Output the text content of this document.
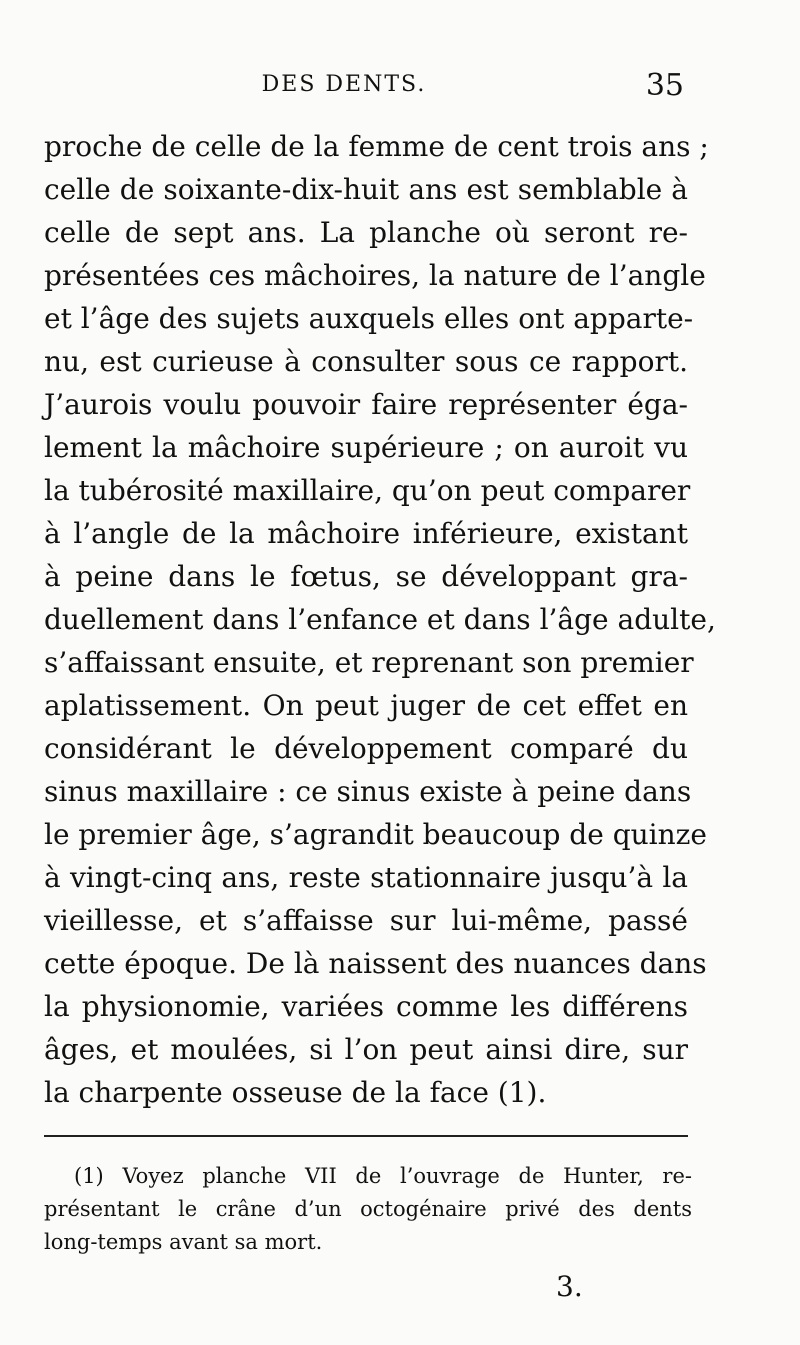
DES DENTS.	35
proche de celle de la femme de cent trois ans ;
celle de soixante-dix-huit ans est semblable à
celle de sept ans. La planche où seront re-
présentées ces mâchoires, la nature de l’angle
et l’âge des sujets auxquels elles ont apparte-
nu, est curieuse à consulter sous ce rapport.
J’aurois voulu pouvoir faire représenter éga-
lement la mâchoire supérieure ; on auroit vu
la tubérosité maxillaire, qu’on peut comparer
à l’angle de la mâchoire inférieure, existant
à peine dans le fœtus, se développant gra-
duellement dans l’enfance et dans l’âge adulte,
s’affaissant ensuite, et reprenant son premier
aplatissement. On peut juger de cet effet en
considérant le développement comparé du
sinus maxillaire : ce sinus existe à peine dans
le premier âge, s’agrandit beaucoup de quinze
à vingt-cinq ans, reste stationnaire jusqu’à la
vieillesse, et s’affaisse sur lui-même, passé
cette époque. De là naissent des nuances dans
la physionomie, variées comme les différens
âges, et moulées, si l’on peut ainsi dire, sur
la charpente osseuse de la face (1).
(1) Voyez planche VII de l’ouvrage de Hunter, re-
présentant le crâne d’un octogénaire privé des dents
long-temps avant sa mort.
3.
